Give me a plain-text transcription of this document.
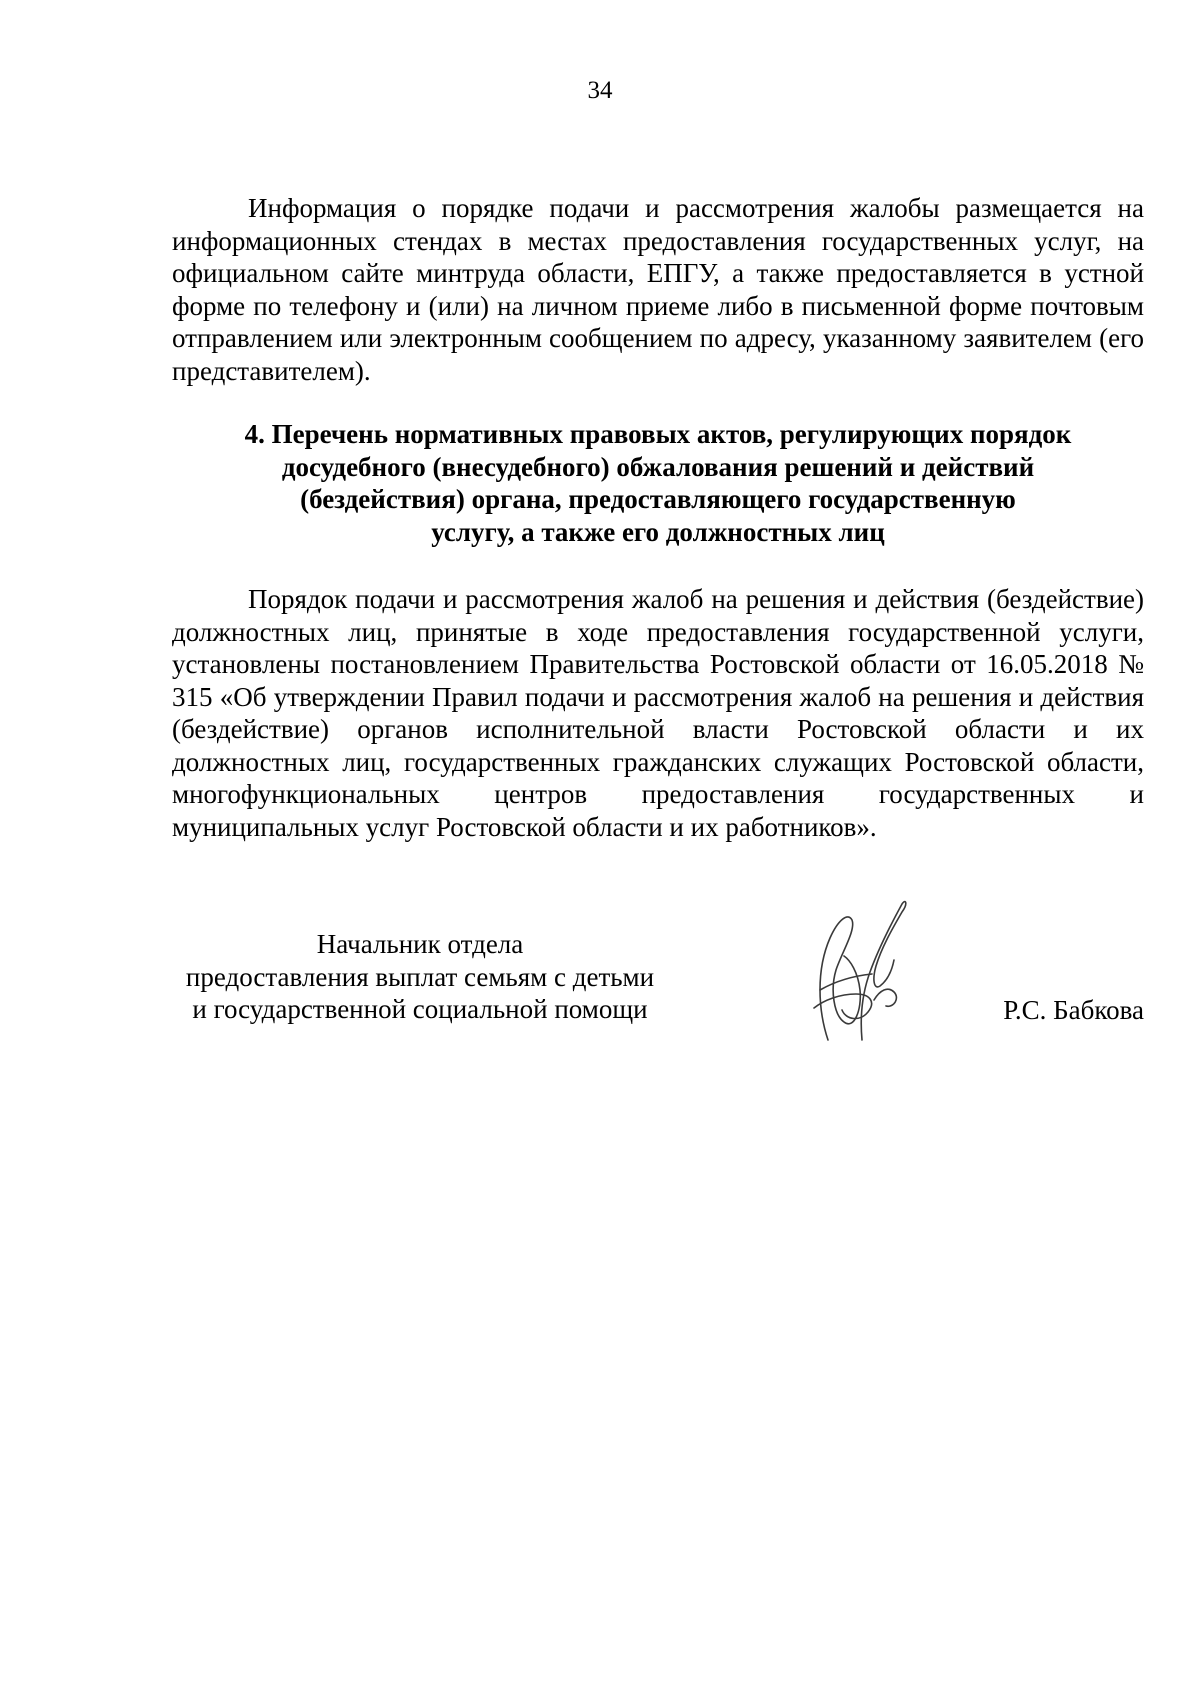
34
Информация о порядке подачи и рассмотрения жалобы размещается на информационных стендах в местах предоставления государственных услуг, на официальном сайте минтруда области, ЕПГУ, а также предоставляется в устной форме по телефону и (или) на личном приеме либо в письменной форме почтовым отправлением или электронным сообщением по адресу, указанному заявителем (его представителем).
4. Перечень нормативных правовых актов, регулирующих порядок
досудебного (внесудебного) обжалования решений и действий
(бездействия) органа, предоставляющего государственную
услугу, а также его должностных лиц
Порядок подачи и рассмотрения жалоб на решения и действия (бездействие) должностных лиц, принятые в ходе предоставления государственной услуги, установлены постановлением Правительства Ростовской области от 16.05.2018 № 315 «Об утверждении Правил подачи и рассмотрения жалоб на решения и действия (бездействие) органов исполнительной власти Ростовской области и их должностных лиц, государственных гражданских служащих Ростовской области, многофункциональных центров предоставления государственных и муниципальных услуг Ростовской области и их работников».
Начальник отдела
предоставления выплат семьям с детьми
и государственной социальной помощи	Р.С. Бабкова
